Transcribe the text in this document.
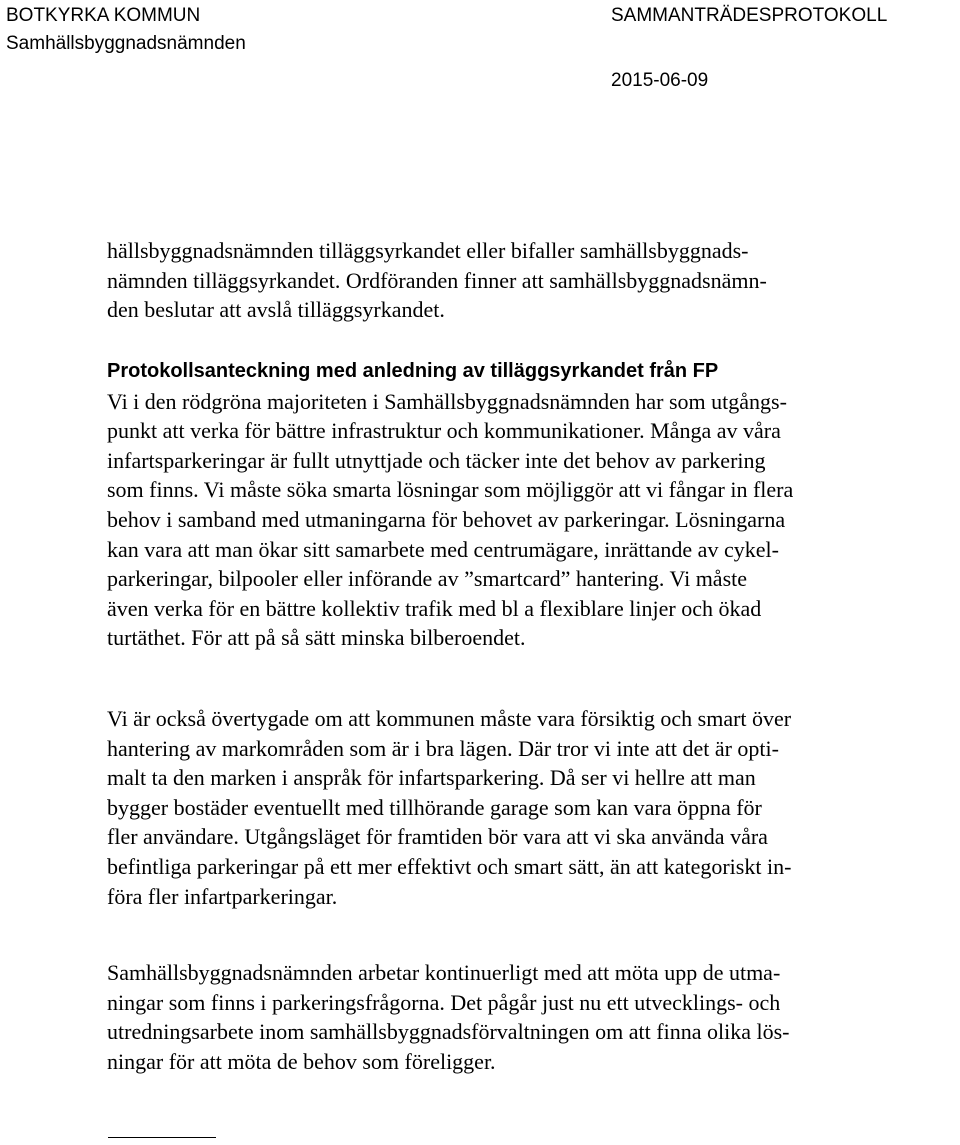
BOTKYRKA KOMMUN
Samhällsbyggnadsnämnden
SAMMANTRÄDESPROTOKOLL
2015-06-09
hällsbyggnadsnämnden tilläggsyrkandet eller bifaller samhällsbyggnads-
nämnden tilläggsyrkandet. Ordföranden finner att samhällsbyggnadsnämn-
den beslutar att avslå tilläggsyrkandet.
Protokollsanteckning med anledning av tilläggsyrkandet från FP
Vi i den rödgröna majoriteten i Samhällsbyggnadsnämnden har som utgångs-
punkt att verka för bättre infrastruktur och kommunikationer. Många av våra
infartsparkeringar är fullt utnyttjade och täcker inte det behov av parkering
som finns. Vi måste söka smarta lösningar som möjliggör att vi fångar in flera
behov i samband med utmaningarna för behovet av parkeringar. Lösningarna
kan vara att man ökar sitt samarbete med centrumägare, inrättande av cykel-
parkeringar, bilpooler eller införande av ”smartcard” hantering. Vi måste
även verka för en bättre kollektiv trafik med bl a flexiblare linjer och ökad
turtäthet. För att på så sätt minska bilberoendet.
Vi är också övertygade om att kommunen måste vara försiktig och smart över
hantering av markområden som är i bra lägen. Där tror vi inte att det är opti-
malt ta den marken i anspråk för infartsparkering. Då ser vi hellre att man
bygger bostäder eventuellt med tillhörande garage som kan vara öppna för
fler användare. Utgångsläget för framtiden bör vara att vi ska använda våra
befintliga parkeringar på ett mer effektivt och smart sätt, än att kategoriskt in-
föra fler infartparkeringar.
Samhällsbyggnadsnämnden arbetar kontinuerligt med att möta upp de utma-
ningar som finns i parkeringsfrågorna. Det pågår just nu ett utvecklings- och
utredningsarbete inom samhällsbyggnadsförvaltningen om att finna olika lös-
ningar för att möta de behov som föreligger.
